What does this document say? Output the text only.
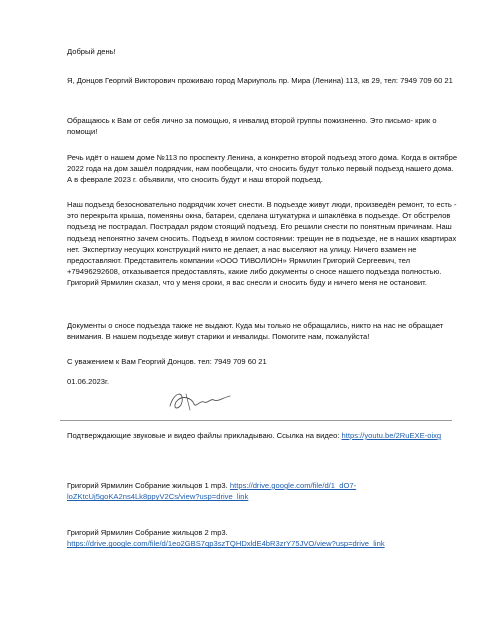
Добрый день!

Я, Донцов Георгий Викторович проживаю город Мариуполь пр. Мира (Ленина) 113, кв 29, тел: 7949 709 60 21

Обращаюсь к Вам от себя лично за помощью, я инвалид второй группы пожизненно. Это письмо- крик о помощи!

Речь идёт о нашем доме №113 по проспекту Ленина, а конкретно второй подъезд этого дома. Когда в октябре 2022 года на дом зашёл подрядчик, нам пообещали, что сносить будут только первый подъезд нашего дома. А в феврале 2023 г. объявили, что сносить будут и наш второй подъезд.

Наш подъезд безосновательно подрядчик хочет снести. В подъезде живут люди, произведён ремонт, то есть - это перекрыта крыша, поменяны окна, батареи, сделана штукатурка и шпаклёвка в подъезде. От обстрелов подъезд не пострадал. Пострадал рядом стоящий подъезд. Его решили снести по понятным причинам. Наш подъезд непонятно зачем сносить. Подъезд в жилом состоянии: трещин не в подъезде, не в наших квартирах нет. Экспертизу несущих конструкций никто не делает, а нас выселяют на улицу. Ничего взамен не предоставляют. Представитель компании «ООО ТИВОЛИОН» Ярмилин Григорий Сергеевич, тел +79496292608, отказывается предоставлять, какие либо документы о сносе нашего подъезда полностью. Григорий Ярмилин сказал, что у меня сроки, я вас снесли и сносить буду и ничего меня не остановит.

Документы о сносе подъезда также не выдают. Куда мы только не обращались, никто на нас не обращает внимания. В нашем подъезде живут старики и инвалиды. Помогите нам, пожалуйста!

С уважением к Вам Георгий Донцов. тел: 7949 709 60 21

01.06.2023г.

Подтверждающие звуковые и видео файлы прикладываю. Ссылка на видео: https://youtu.be/2RuEXE-oixg

Григорий Ярмилин Собрание жильцов 1 mp3. https://drive.google.com/file/d/1_dO7-loZKtcUj5goKA2ns4Lk8ppyV2Cs/view?usp=drive_link

Григорий Ярмилин Собрание жильцов 2 mp3.
https://drive.google.com/file/d/1eo2GBS7qp3szTQHDxldE4bR3zrY75JVO/view?usp=drive_link
